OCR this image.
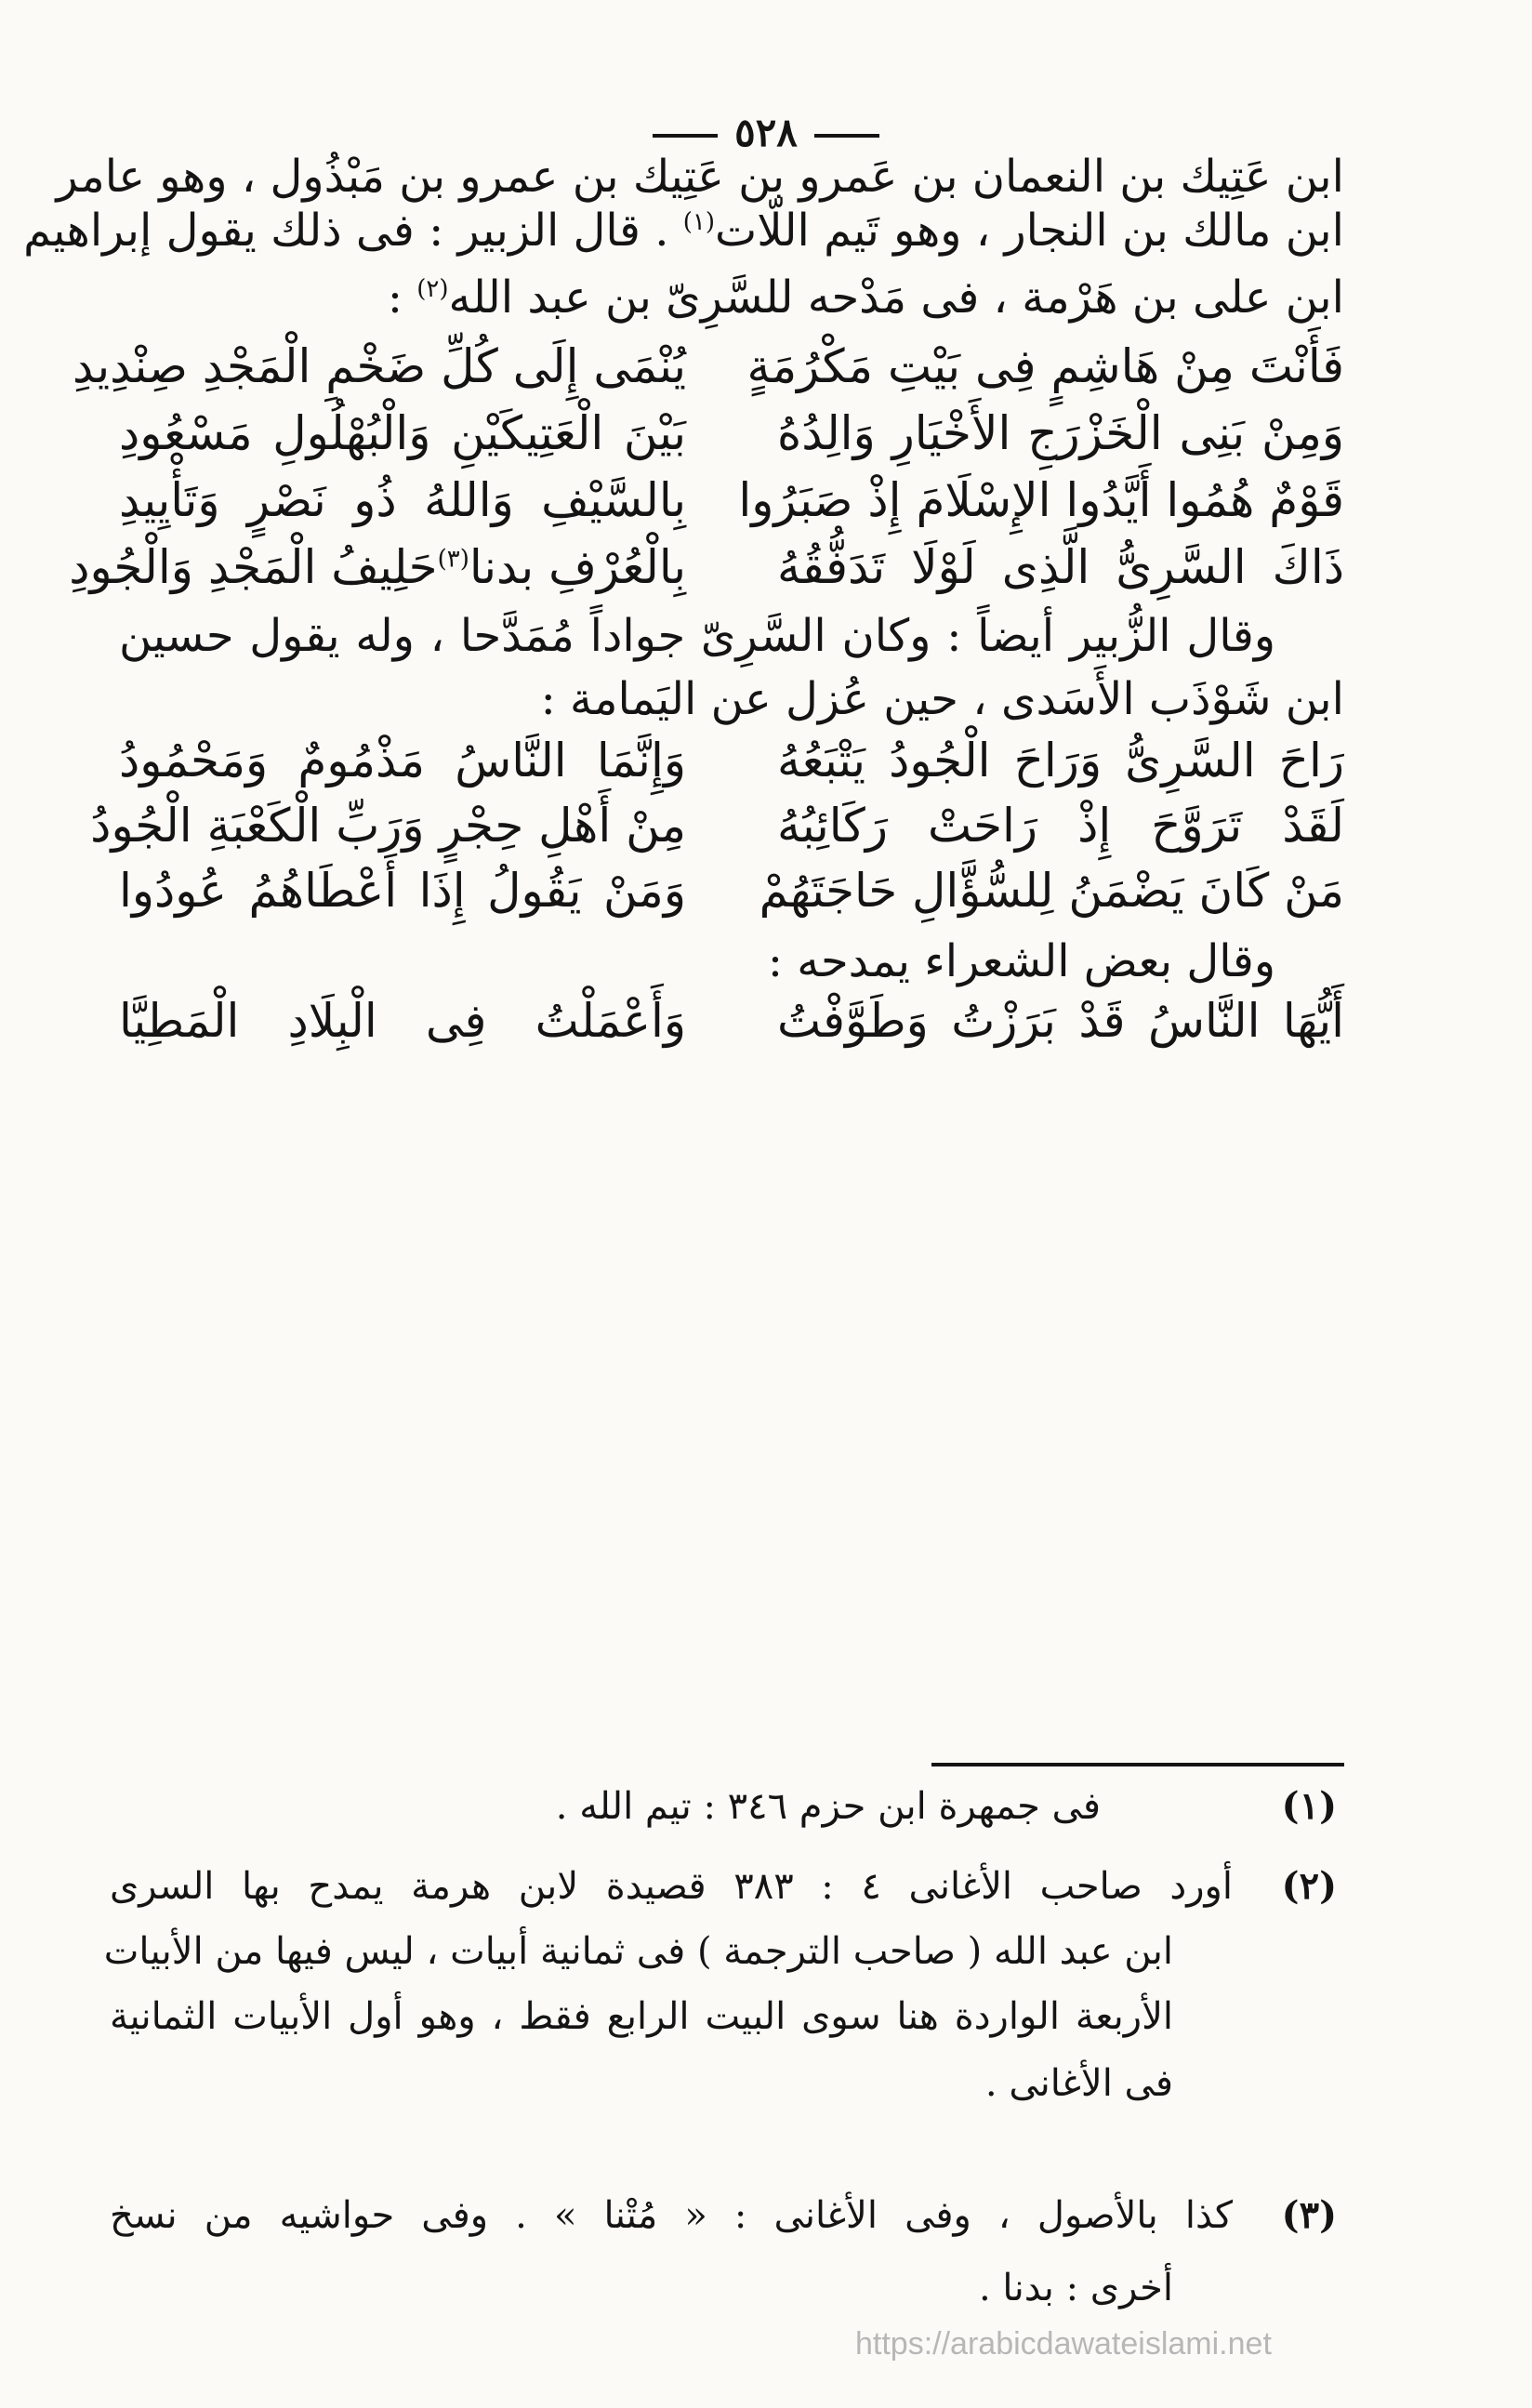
٥٢٨
ابن عَتِيك بن النعمان بن عَمرو بن عَتِيك بن عمرو بن مَبْذُول ، وهو عامر
ابن مالك بن النجار ، وهو تَيم اللّات$^{(١)}$ . قال الزبير : فى ذلك يقول إبراهيم
ابن على بن هَرْمة ، فى مَدْحه للسَّرِىّ بن عبد الله$^{(٢)}$ :
فَأَنْتَ مِنْ هَاشِمٍ فِى بَيْتِ مَكْرُمَةٍ
يُنْمَى إِلَى كُلِّ ضَخْمِ الْمَجْدِ صِنْدِيدِ
وَمِنْ بَنِى الْخَزْرَجِ الأَخْيَارِ وَالِدُهُ
بَيْنَ الْعَتِيكَيْنِ وَالْبُهْلُولِ مَسْعُودِ
قَوْمٌ هُمُوا أَيَّدُوا الإِسْلَامَ إِذْ صَبَرُوا
بِالسَّيْفِ وَاللهُ ذُو نَصْرٍ وَتَأْيِيدِ
ذَاكَ السَّرِىُّ الَّذِى لَوْلَا تَدَفُّقُهُ
بِالْعُرْفِ بدنا$^{(٣)}$حَلِيفُ الْمَجْدِ وَالْجُودِ
وقال الزُّبير أيضاً : وكان السَّرِىّ جواداً مُمَدَّحا ، وله يقول حسين
ابن شَوْذَب الأَسَدى ، حين عُزل عن اليَمامة :
رَاحَ السَّرِىُّ وَرَاحَ الْجُودُ يَتْبَعُهُ
وَإِنَّمَا النَّاسُ مَذْمُومٌ وَمَحْمُودُ
لَقَدْ تَرَوَّحَ إِذْ رَاحَتْ رَكَائِبُهُ
مِنْ أَهْلِ حِجْرٍ وَرَبِّ الْكَعْبَةِ الْجُودُ
مَنْ كَانَ يَضْمَنُ لِلسُّؤَّالِ حَاجَتَهُمْ
وَمَنْ يَقُولُ إِذَا أَعْطَاهُمُ عُودُوا
وقال بعض الشعراء يمدحه :
أَيُّهَا النَّاسُ قَدْ بَرَزْتُ وَطَوَّفْتُ
وَأَعْمَلْتُ فِى الْبِلَادِ الْمَطِيَّا
(١)
فى جمهرة ابن حزم ٣٤٦ : تيم الله .
(٢)
أورد صاحب الأغانى ٤ : ٣٨٣ قصيدة لابن هرمة يمدح بها السرى
ابن عبد الله ( صاحب الترجمة ) فى ثمانية أبيات ، ليس فيها من الأبيات
الأربعة الواردة هنا سوى البيت الرابع فقط ، وهو أول الأبيات الثمانية
فى الأغانى .
(٣)
كذا بالأصول ، وفى الأغانى : « مُتْنا » . وفى حواشيه من نسخ
أخرى : بدنا .
https://arabicdawateislami.net
